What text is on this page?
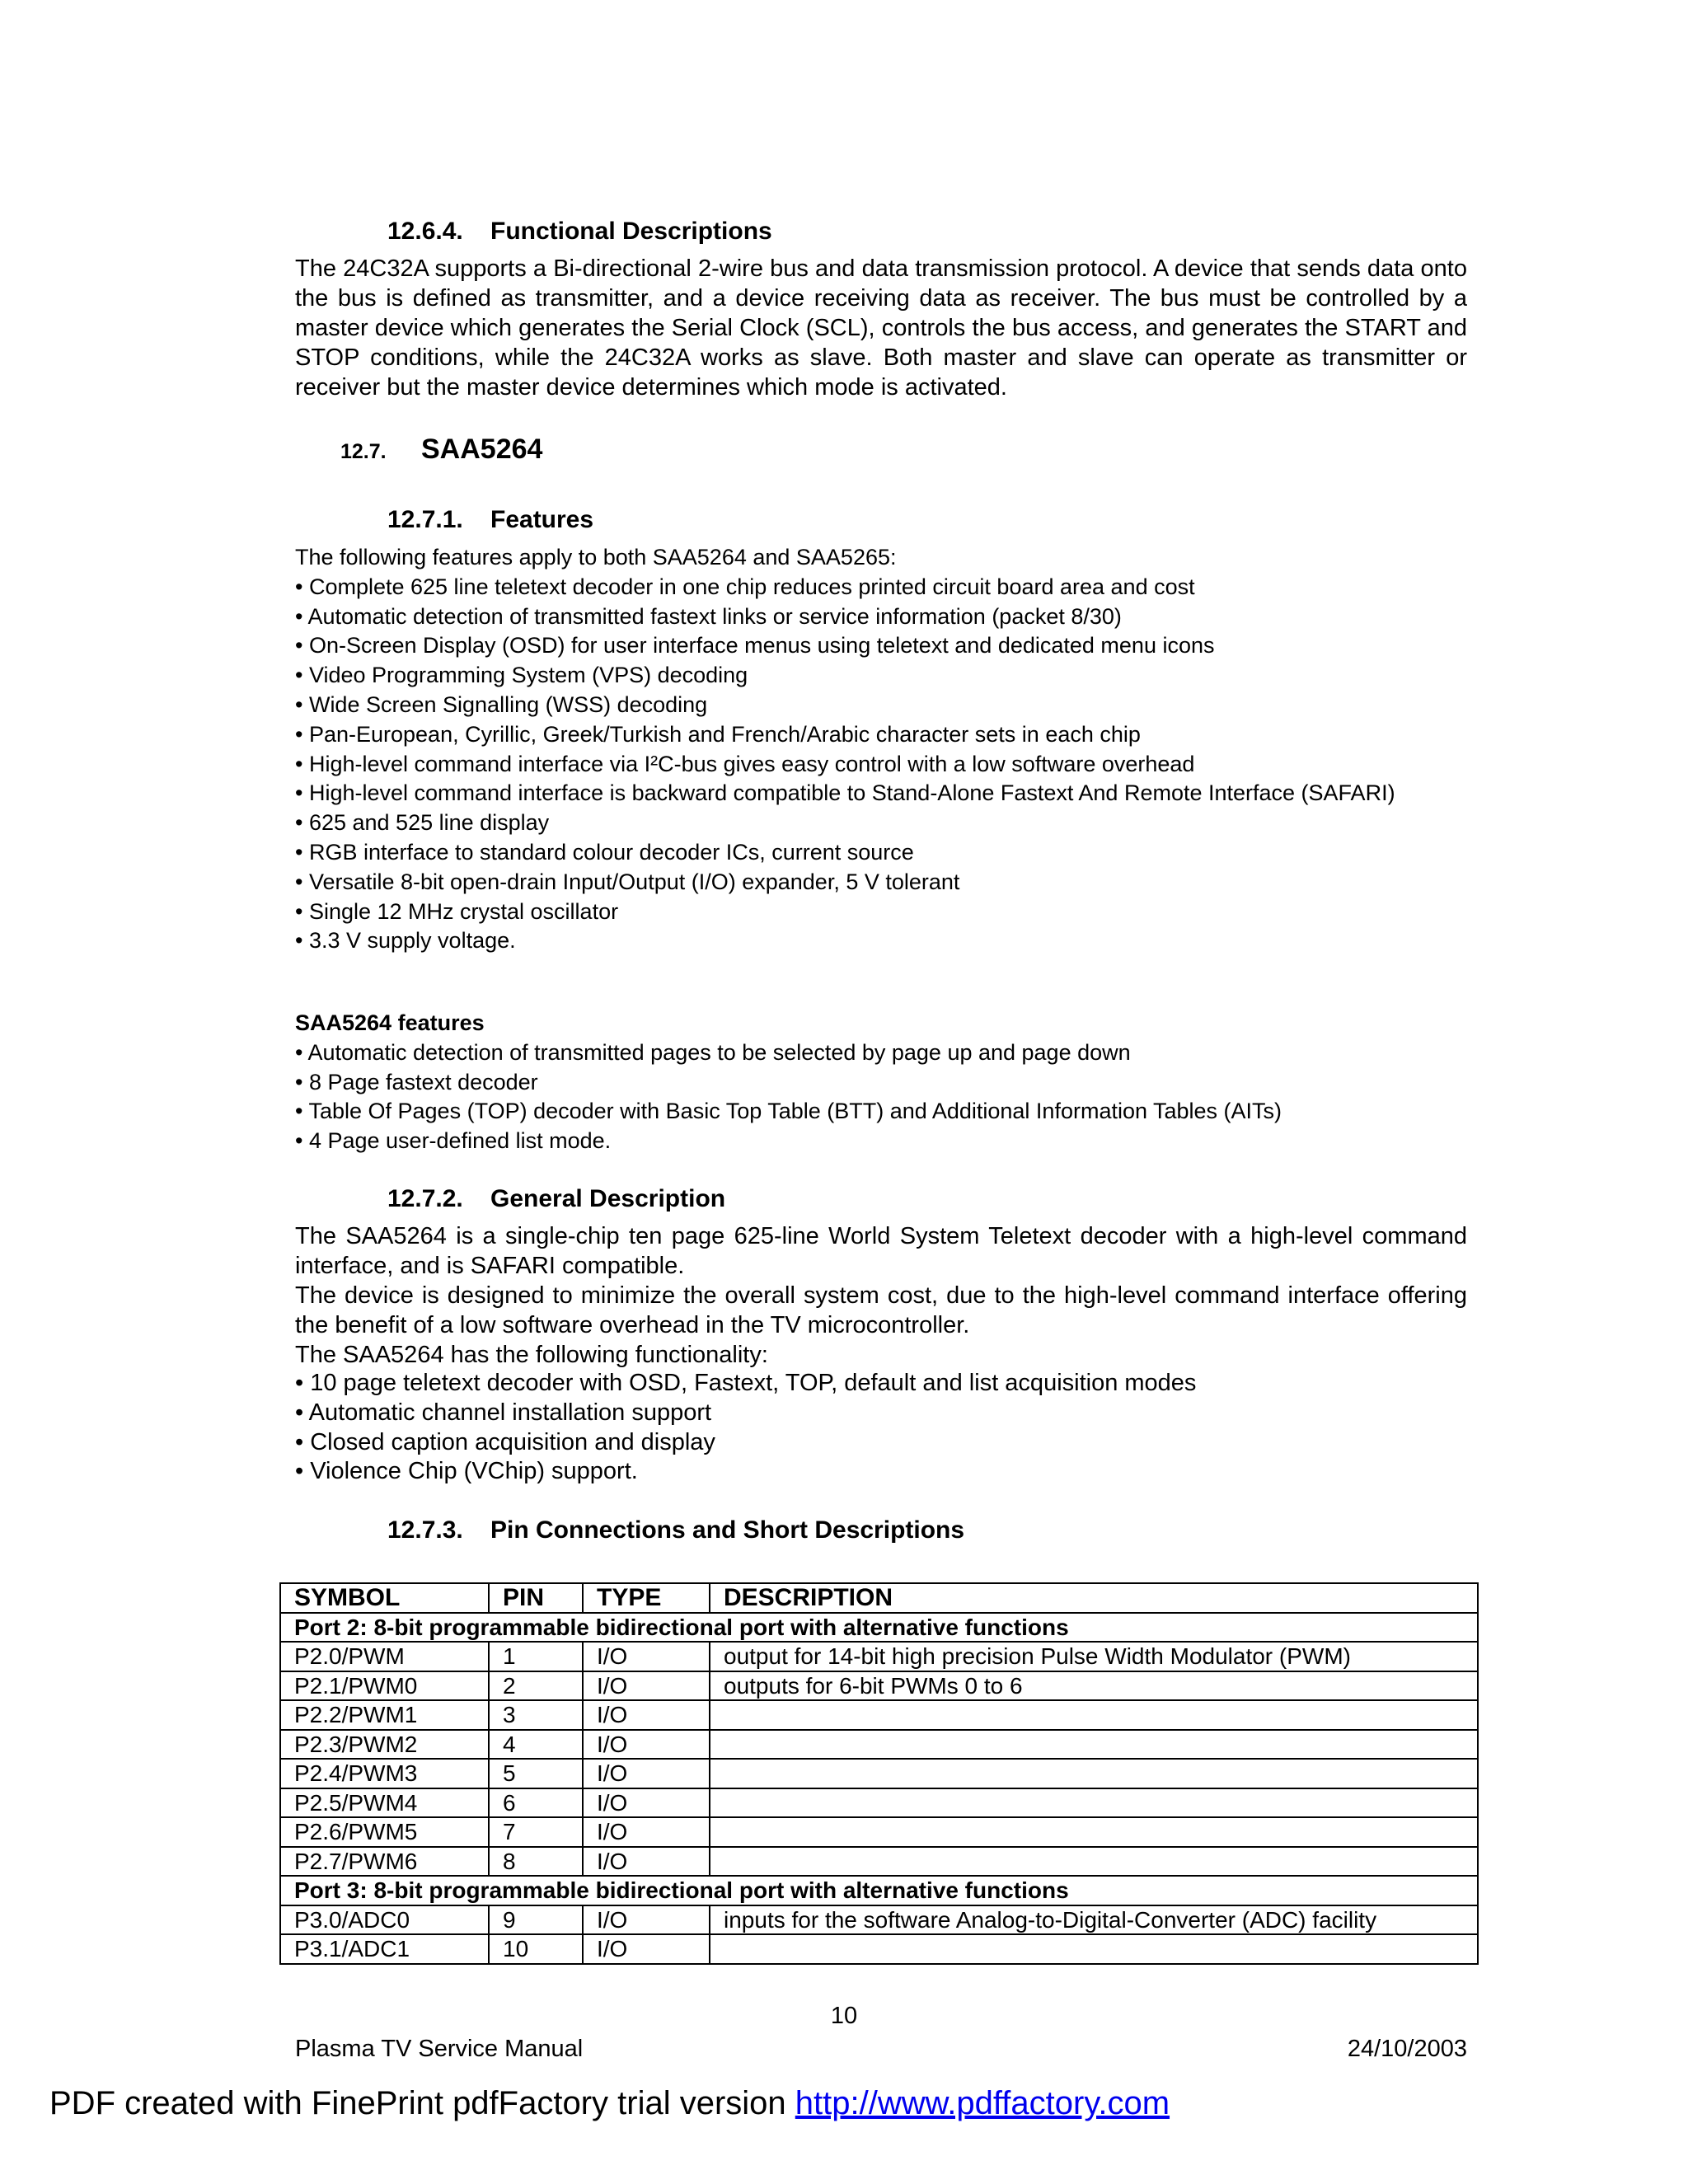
12.6.4. Functional Descriptions

The 24C32A supports a Bi-directional 2-wire bus and data transmission protocol. A device that sends data onto the bus is defined as transmitter, and a device receiving data as receiver. The bus must be controlled by a master device which generates the Serial Clock (SCL), controls the bus access, and generates the START and STOP conditions, while the 24C32A works as slave. Both master and slave can operate as transmitter or receiver but the master device determines which mode is activated.

12.7. SAA5264
12.7.1. Features
The following features apply to both SAA5264 and SAA5265:
• Complete 625 line teletext decoder in one chip reduces printed circuit board area and cost
• Automatic detection of transmitted fastext links or service information (packet 8/30)
• On-Screen Display (OSD) for user interface menus using teletext and dedicated menu icons
• Video Programming System (VPS) decoding
• Wide Screen Signalling (WSS) decoding
• Pan-European, Cyrillic, Greek/Turkish and French/Arabic character sets in each chip
• High-level command interface via I²C-bus gives easy control with a low software overhead
• High-level command interface is backward compatible to Stand-Alone Fastext And Remote Interface (SAFARI)
• 625 and 525 line display
• RGB interface to standard colour decoder ICs, current source
• Versatile 8-bit open-drain Input/Output (I/O) expander, 5 V tolerant
• Single 12 MHz crystal oscillator
• 3.3 V supply voltage.
SAA5264 features
• Automatic detection of transmitted pages to be selected by page up and page down
• 8 Page fastext decoder
• Table Of Pages (TOP) decoder with Basic Top Table (BTT) and Additional Information Tables (AITs)
• 4 Page user-defined list mode.
12.7.2. General Description
The SAA5264 is a single-chip ten page 625-line World System Teletext decoder with a high-level command interface, and is SAFARI compatible.
The device is designed to minimize the overall system cost, due to the high-level command interface offering the benefit of a low software overhead in the TV microcontroller.
The SAA5264 has the following functionality:
• 10 page teletext decoder with OSD, Fastext, TOP, default and list acquisition modes
• Automatic channel installation support
• Closed caption acquisition and display
• Violence Chip (VChip) support.
12.7.3. Pin Connections and Short Descriptions
SYMBOL	PIN	TYPE	DESCRIPTION
Port 2: 8-bit programmable bidirectional port with alternative functions			
P2.0/PWM	1	I/O	output for 14-bit high precision Pulse Width Modulator (PWM)
P2.1/PWM0	2	I/O	outputs for 6-bit PWMs 0 to 6
P2.2/PWM1	3	I/O	
P2.3/PWM2	4	I/O	
P2.4/PWM3	5	I/O	
P2.5/PWM4	6	I/O	
P2.6/PWM5	7	I/O	
P2.7/PWM6	8	I/O	
Port 3: 8-bit programmable bidirectional port with alternative functions			
P3.0/ADC0	9	I/O	inputs for the software Analog-to-Digital-Converter (ADC) facility
P3.1/ADC1	10	I/O	
10
Plasma TV Service Manual	24/10/2003
PDF created with FinePrint pdfFactory trial version http://www.pdffactory.com
